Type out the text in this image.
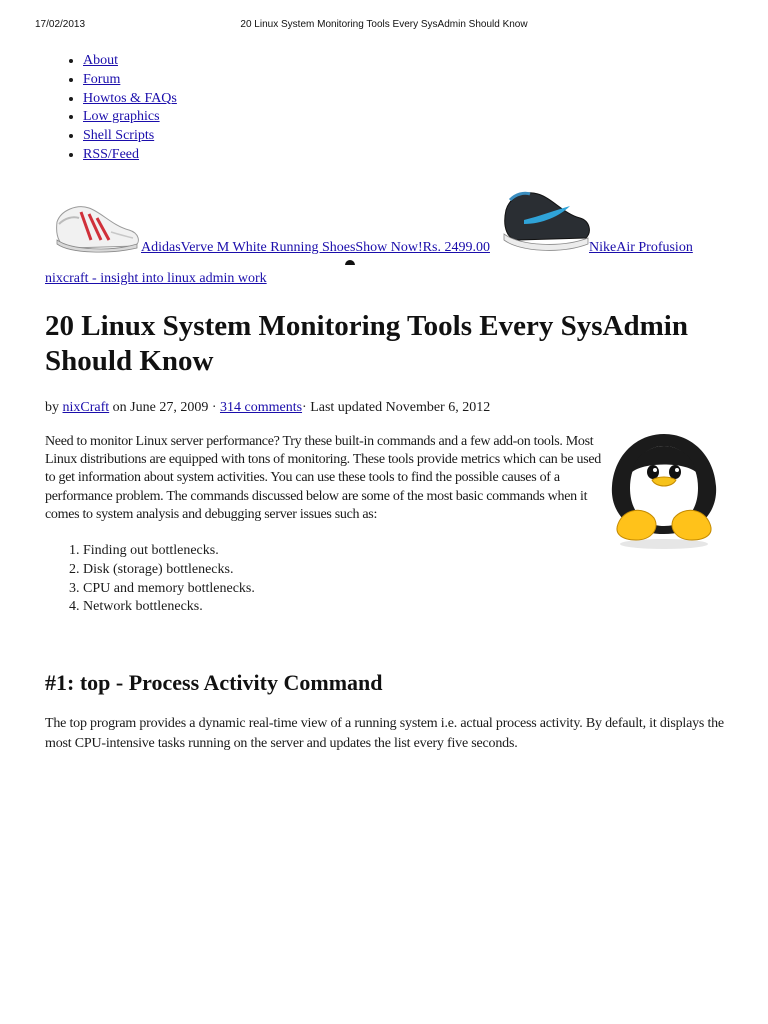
17/02/2013	20 Linux System Monitoring Tools Every SysAdmin Should Know
• About
• Forum
• Howtos & FAQs
• Low graphics
• Shell Scripts
• RSS/Feed
AdidasVerve M White Running ShoesShow Now!Rs. 2499.00	NikeAir Profusion
nixcraft - insight into linux admin work
20 Linux System Monitoring Tools Every SysAdmin Should Know
by nixCraft on June 27, 2009 · 314 comments· Last updated November 6, 2012

Need to monitor Linux server performance? Try these built-in commands and a few add-on tools. Most Linux distributions are equipped with tons of monitoring. These tools provide metrics which can be used to get information about system activities. You can use these tools to find the possible causes of a performance problem. The commands discussed below are some of the most basic commands when it comes to system analysis and debugging server issues such as:

1. Finding out bottlenecks.
2. Disk (storage) bottlenecks.
3. CPU and memory bottlenecks.
4. Network bottlenecks.
#1: top - Process Activity Command

The top program provides a dynamic real-time view of a running system i.e. actual process activity. By default, it displays the most CPU-intensive tasks running on the server and updates the list every five seconds.
